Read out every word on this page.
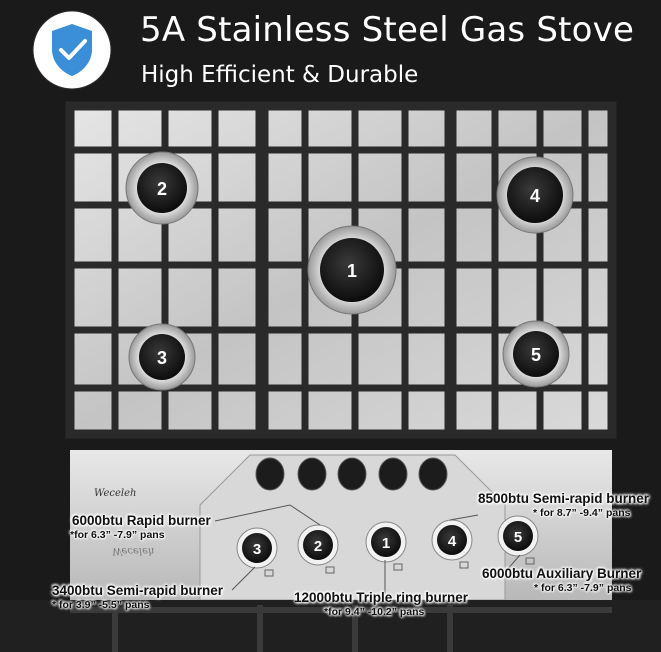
5A Stainless Steel Gas Stove
High Efficient & Durable
1
2
3
4
5
3	2	1	4	5
Weceleh
Weceleh
6000btu Rapid burner
*for 6.3” -7.9” pans
8500btu Semi-rapid burner
* for 8.7” -9.4” pans
3400btu Semi-rapid burner
* for 3.9” -5.5” pans	12000btu Triple ring burner
*for 9.4” -10.2” pans
6000btu Auxiliary Burner
* for 6.3” -7.9” pans
